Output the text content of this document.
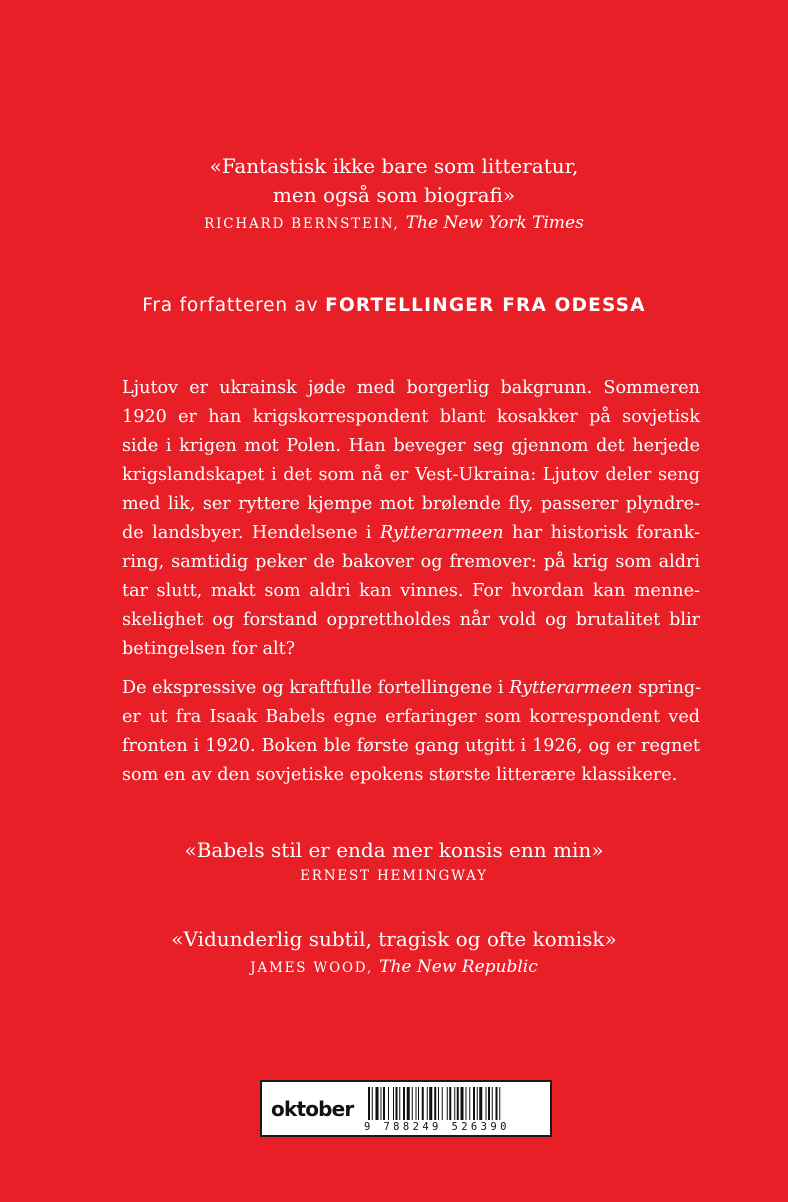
«Fantastisk ikke bare som litteratur,

men også som biografi»

RICHARD BERNSTEIN, The New York Times

Fra forfatteren av FORTELLINGER FRA ODESSA
Ljutov er ukrainsk jøde med borgerlig bakgrunn. Sommeren
1920 er han krigskorrespondent blant kosakker på sovjetisk
side i krigen mot Polen. Han beveger seg gjennom det herjede
krigslandskapet i det som nå er Vest-Ukraina: Ljutov deler seng
med lik, ser ryttere kjempe mot brølende fly, passerer plyndre-
de landsbyer. Hendelsene i Rytterarmeen har historisk forank-
ring, samtidig peker de bakover og fremover: på krig som aldri
tar slutt, makt som aldri kan vinnes. For hvordan kan menne-
skelighet og forstand opprettholdes når vold og brutalitet blir
betingelsen for alt?
De ekspressive og kraftfulle fortellingene i Rytterarmeen spring-
er ut fra Isaak Babels egne erfaringer som korrespondent ved
fronten i 1920. Boken ble første gang utgitt i 1926, og er regnet
som en av den sovjetiske epokens største litterære klassikere.

«Babels stil er enda mer konsis enn min»

ERNEST HEMINGWAY

«Vidunderlig subtil, tragisk og ofte komisk»

JAMES WOOD, The New Republic

oktober
9 788249 526390
